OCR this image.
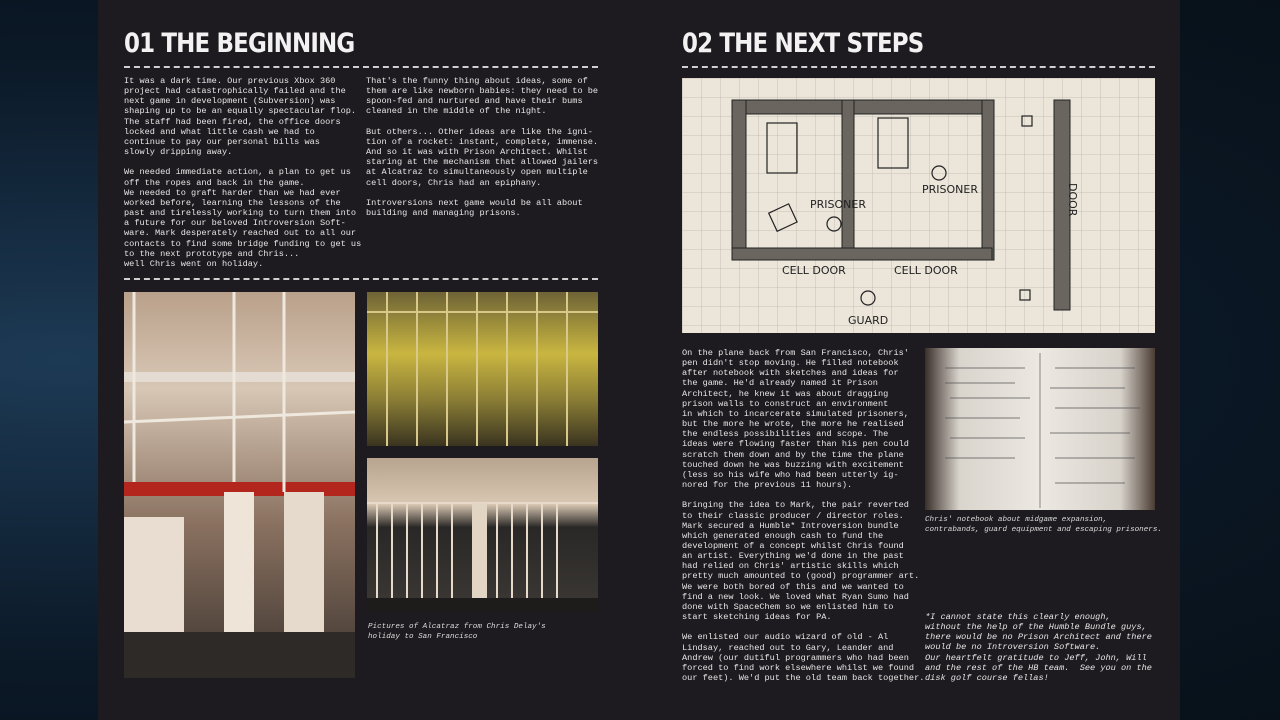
01 THE BEGINNING
It was a dark time. Our previous Xbox 360
project had catastrophically failed and the
next game in development (Subversion) was
shaping up to be an equally spectacular flop.
The staff had been fired, the office doors
locked and what little cash we had to
continue to pay our personal bills was
slowly dripping away.

We needed immediate action, a plan to get us
off the ropes and back in the game.
We needed to graft harder than we had ever
worked before, learning the lessons of the
past and tirelessly working to turn them into
a future for our beloved Introversion Soft-
ware. Mark desperately reached out to all our
contacts to find some bridge funding to get us
to the next prototype and Chris...
well Chris went on holiday.
That's the funny thing about ideas, some of
them are like newborn babies: they need to be
spoon-fed and nurtured and have their bums
cleaned in the middle of the night.

But others... Other ideas are like the igni-
tion of a rocket: instant, complete, immense.
And so it was with Prison Architect. Whilst
staring at the mechanism that allowed jailers
at Alcatraz to simultaneously open multiple
cell doors, Chris had an epiphany.

Introversions next game would be all about
building and managing prisons.
Pictures of Alcatraz from Chris Delay's
holiday to San Francisco
02 THE NEXT STEPS
PRISONER
PRISONER	DOOR
CELL DOOR	CELL DOOR
GUARD
On the plane back from San Francisco, Chris'
pen didn't stop moving. He filled notebook
after notebook with sketches and ideas for
the game. He'd already named it Prison
Architect, he knew it was about dragging
prison walls to construct an environment
in which to incarcerate simulated prisoners,
but the more he wrote, the more he realised
the endless possibilities and scope. The
ideas were flowing faster than his pen could
scratch them down and by the time the plane
touched down he was buzzing with excitement
(less so his wife who had been utterly ig-
nored for the previous 11 hours).

Bringing the idea to Mark, the pair reverted
to their classic producer / director roles.
Mark secured a Humble* Introversion bundle
which generated enough cash to fund the
development of a concept whilst Chris found
an artist. Everything we'd done in the past
had relied on Chris' artistic skills which
pretty much amounted to (good) programmer art.
We were both bored of this and we wanted to
find a new look. We loved what Ryan Sumo had
done with SpaceChem so we enlisted him to
start sketching ideas for PA.

We enlisted our audio wizard of old - Al
Lindsay, reached out to Gary, Leander and
Andrew (our dutiful programmers who had been
forced to find work elsewhere whilst we found
our feet). We'd put the old team back together.
Chris' notebook about midgame expansion,
contrabands, guard equipment and escaping prisoners.
*I cannot state this clearly enough,
without the help of the Humble Bundle guys,
there would be no Prison Architect and there
would be no Introversion Software.
Our heartfelt gratitude to Jeff, John, Will
and the rest of the HB team.  See you on the
disk golf course fellas!
